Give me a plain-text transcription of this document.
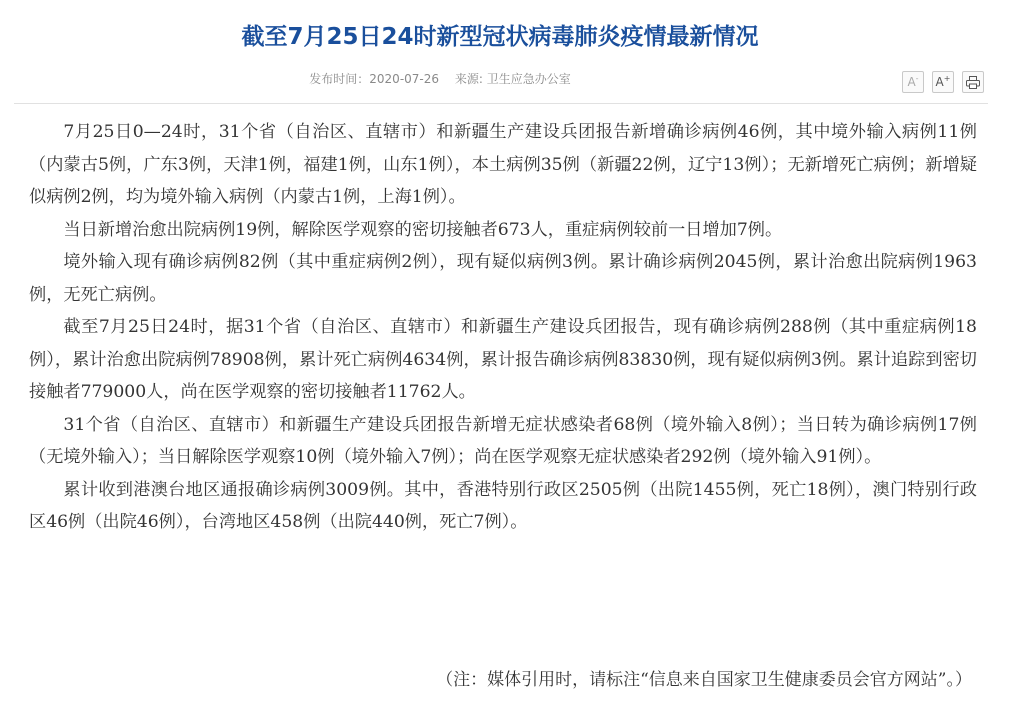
截至7月25日24时新型冠状病毒肺炎疫情最新情况
发布时间：2020-07-26 来源: 卫生应急办公室	A- A+

7月25日0—24时，31个省（自治区、直辖市）和新疆生产建设兵团报告新增确诊病例46例，其中境外输入病例11例（内蒙古5例，广东3例，天津1例，福建1例，山东1例），本土病例35例（新疆22例，辽宁13例）；无新增死亡病例；新增疑似病例2例，均为境外输入病例（内蒙古1例，上海1例）。

当日新增治愈出院病例19例，解除医学观察的密切接触者673人，重症病例较前一日增加7例。

境外输入现有确诊病例82例（其中重症病例2例），现有疑似病例3例。累计确诊病例2045例，累计治愈出院病例1963例，无死亡病例。

截至7月25日24时，据31个省（自治区、直辖市）和新疆生产建设兵团报告，现有确诊病例288例（其中重症病例18例），累计治愈出院病例78908例，累计死亡病例4634例，累计报告确诊病例83830例，现有疑似病例3例。累计追踪到密切接触者779000人，尚在医学观察的密切接触者11762人。

31个省（自治区、直辖市）和新疆生产建设兵团报告新增无症状感染者68例（境外输入8例）；当日转为确诊病例17例（无境外输入）；当日解除医学观察10例（境外输入7例）；尚在医学观察无症状感染者292例（境外输入91例）。

累计收到港澳台地区通报确诊病例3009例。其中，香港特别行政区2505例（出院1455例，死亡18例），澳门特别行政区46例（出院46例），台湾地区458例（出院440例，死亡7例）。

（注：媒体引用时，请标注“信息来自国家卫生健康委员会官方网站”。）
